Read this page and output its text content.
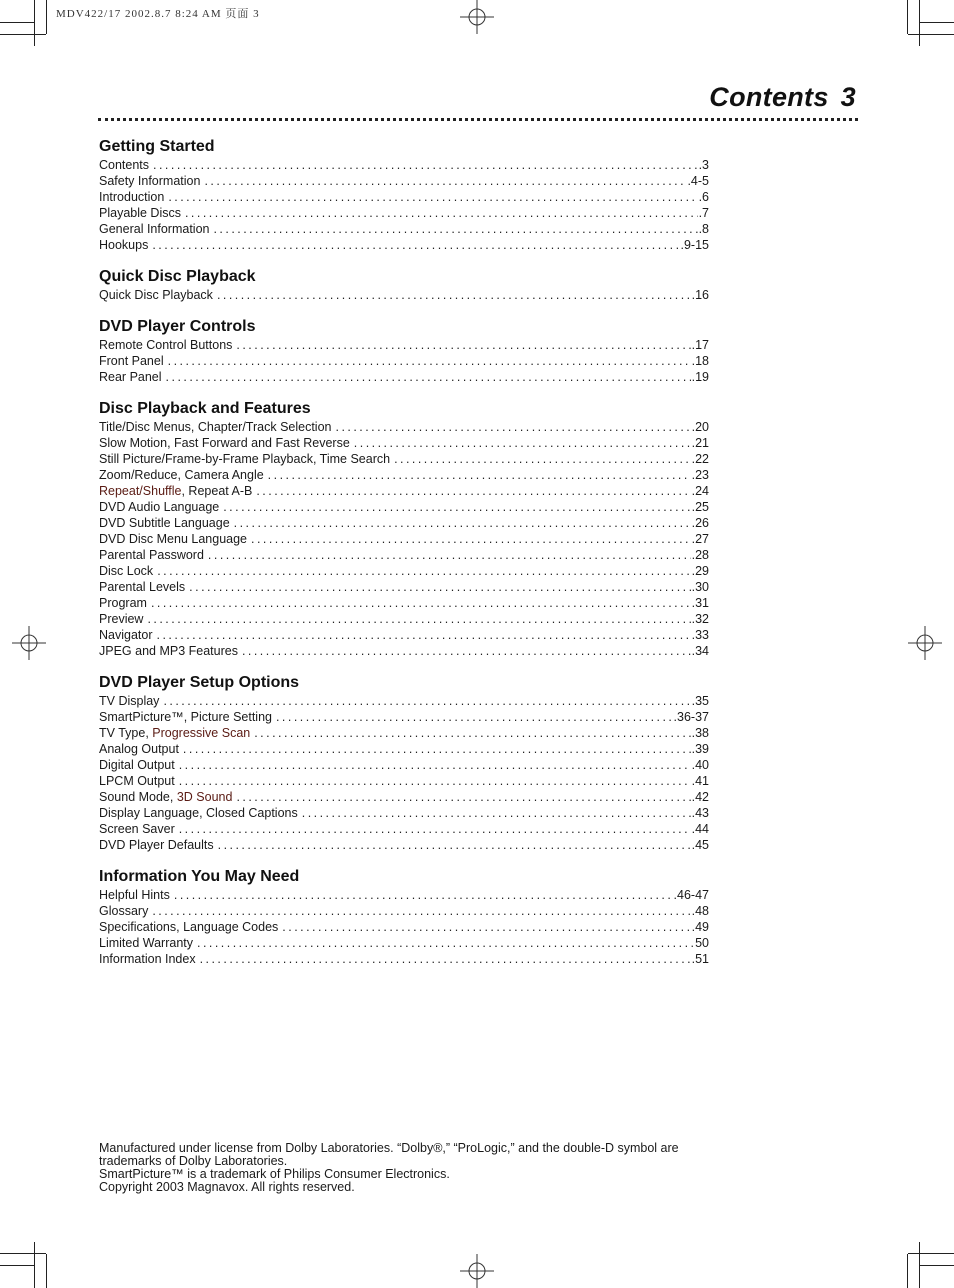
MDV422/17 2002.8.7 8:24 AM 页面 3
Contents 3
Getting Started
Contents . . .	.3
Safety Information . . .	.4-5
Introduction . . .	.6
Playable Discs . . .	.7
General Information . . .	.8
Hookups . . .	.9-15
Quick Disc Playback
Quick Disc Playback . . .	.16
DVD Player Controls
Remote Control Buttons . . .	.17
Front Panel . . .	.18
Rear Panel . . .	.19
Disc Playback and Features
Title/Disc Menus, Chapter/Track Selection . . .	.20
Slow Motion, Fast Forward and Fast Reverse . . .	.21
Still Picture/Frame-by-Frame Playback, Time Search . . .	.22
Zoom/Reduce, Camera Angle . . .	.23
Repeat/Shuffle, Repeat A-B . . .	.24
DVD Audio Language . . .	.25
DVD Subtitle Language . . .	.26
DVD Disc Menu Language . . .	.27
Parental Password . . .	.28
Disc Lock . . .	.29
Parental Levels . . .	.30
Program . . .	.31
Preview . . .	.32
Navigator . . .	.33
JPEG and MP3 Features . . .	.34
DVD Player Setup Options
TV Display . . .	.35
SmartPicture™, Picture Setting . . .	.36-37
TV Type, Progressive Scan . . .	.38
Analog Output . . .	.39
Digital Output . . .	.40
LPCM Output . . .	.41
Sound Mode, 3D Sound . . .	.42
Display Language, Closed Captions . . .	.43
Screen Saver . . .	.44
DVD Player Defaults . . .	.45
Information You May Need
Helpful Hints . . .	.46-47
Glossary . . .	.48
Specifications, Language Codes . . .	.49
Limited Warranty . . .	50
Information Index . . .	.51

Manufactured under license from Dolby Laboratories. “Dolby®,” “ProLogic,” and the double-D symbol are

trademarks of Dolby Laboratories.

SmartPicture™ is a trademark of Philips Consumer Electronics.

Copyright 2003 Magnavox. All rights reserved.
